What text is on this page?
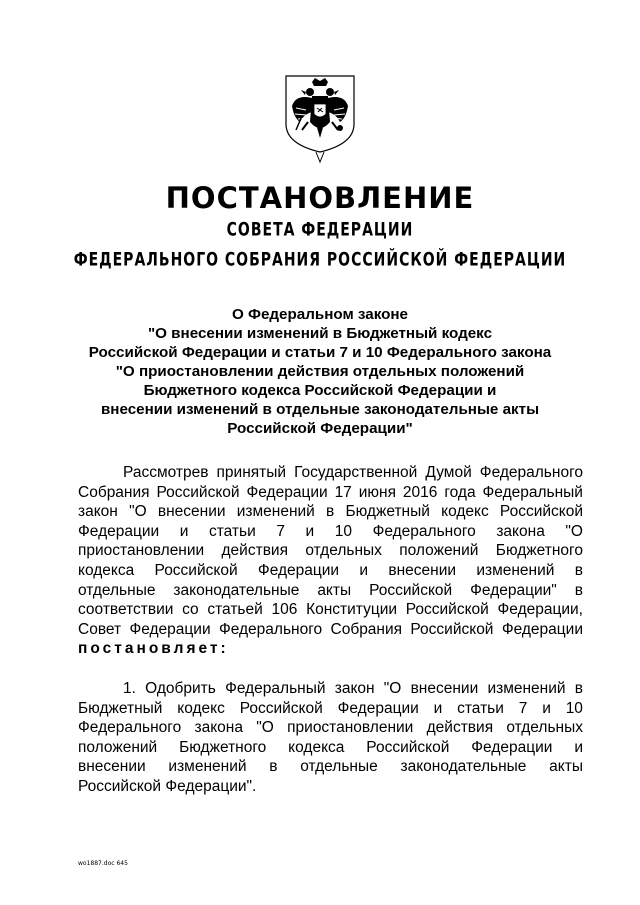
ПОСТАНОВЛЕНИЕ
СОВЕТА ФЕДЕРАЦИИ
ФЕДЕРАЛЬНОГО СОБРАНИЯ РОССИЙСКОЙ ФЕДЕРАЦИИ
О Федеральном законе
"О внесении изменений в Бюджетный кодекс
Российской Федерации и статьи 7 и 10 Федерального закона
"О приостановлении действия отдельных положений
Бюджетного кодекса Российской Федерации и
внесении изменений в отдельные законодательные акты
Российской Федерации"
Рассмотрев принятый Государственной Думой Федерального
Собрания Российской Федерации 17 июня 2016 года Федеральный
закон "О внесении изменений в Бюджетный кодекс Российской
Федерации и статьи 7 и 10 Федерального закона "О
приостановлении действия отдельных положений Бюджетного
кодекса Российской Федерации и внесении изменений в
отдельные законодательные акты Российской Федерации" в
соответствии со статьей 106 Конституции Российской Федерации,
Совет Федерации Федерального Собрания Российской Федерации
постановляет:
1. Одобрить Федеральный закон "О внесении изменений в
Бюджетный кодекс Российской Федерации и статьи 7 и 10
Федерального закона "О приостановлении действия отдельных
положений Бюджетного кодекса Российской Федерации и
внесении изменений в отдельные законодательные акты
Российской Федерации".
wo1887.doc 645
